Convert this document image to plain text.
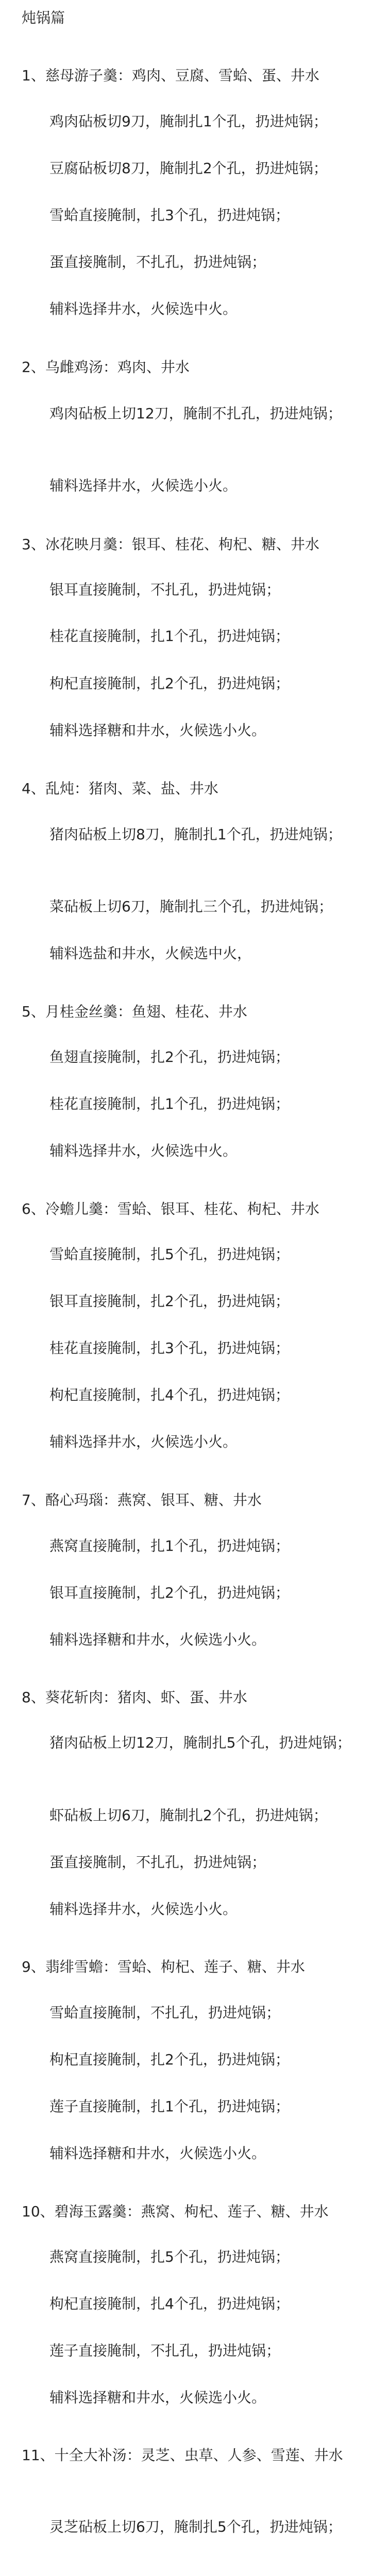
炖锅篇
1、慈母游子羹：鸡肉、豆腐、雪蛤、蛋、井水
鸡肉砧板切9刀，腌制扎1个孔，扔进炖锅；
豆腐砧板切8刀，腌制扎2个孔，扔进炖锅；
雪蛤直接腌制，扎3个孔，扔进炖锅；
蛋直接腌制，不扎孔，扔进炖锅；
辅料选择井水，火候选中火。
2、乌雌鸡汤：鸡肉、井水
鸡肉砧板上切12刀，腌制不扎孔，扔进炖锅；
辅料选择井水，火候选小火。
3、冰花映月羹：银耳、桂花、枸杞、糖、井水
银耳直接腌制，不扎孔，扔进炖锅；
桂花直接腌制，扎1个孔，扔进炖锅；
枸杞直接腌制，扎2个孔，扔进炖锅；
辅料选择糖和井水，火候选小火。
4、乱炖：猪肉、菜、盐、井水
猪肉砧板上切8刀，腌制扎1个孔，扔进炖锅；
菜砧板上切6刀，腌制扎三个孔，扔进炖锅；
辅料选盐和井水，火候选中火，
5、月桂金丝羹：鱼翅、桂花、井水
鱼翅直接腌制，扎2个孔，扔进炖锅；
桂花直接腌制，扎1个孔，扔进炖锅；
辅料选择井水，火候选中火。
6、冷蟾儿羹：雪蛤、银耳、桂花、枸杞、井水
雪蛤直接腌制，扎5个孔，扔进炖锅；
银耳直接腌制，扎2个孔，扔进炖锅；
桂花直接腌制，扎3个孔，扔进炖锅；
枸杞直接腌制，扎4个孔，扔进炖锅；
辅料选择井水，火候选小火。
7、酪心玛瑙：燕窝、银耳、糖、井水
燕窝直接腌制，扎1个孔，扔进炖锅；
银耳直接腌制，扎2个孔，扔进炖锅；
辅料选择糖和井水，火候选小火。
8、葵花斩肉：猪肉、虾、蛋、井水
猪肉砧板上切12刀，腌制扎5个孔，扔进炖锅；
虾砧板上切6刀，腌制扎2个孔，扔进炖锅；
蛋直接腌制，不扎孔，扔进炖锅；
辅料选择井水，火候选小火。
9、翡绯雪蟾：雪蛤、枸杞、莲子、糖、井水
雪蛤直接腌制，不扎孔，扔进炖锅；
枸杞直接腌制，扎2个孔，扔进炖锅；
莲子直接腌制，扎1个孔，扔进炖锅；
辅料选择糖和井水，火候选小火。
10、碧海玉露羹：燕窝、枸杞、莲子、糖、井水
燕窝直接腌制，扎5个孔，扔进炖锅；
枸杞直接腌制，扎4个孔，扔进炖锅；
莲子直接腌制，不扎孔，扔进炖锅；
辅料选择糖和井水，火候选小火。
11、十全大补汤：灵芝、虫草、人参、雪莲、井水
灵芝砧板上切6刀，腌制扎5个孔，扔进炖锅；
